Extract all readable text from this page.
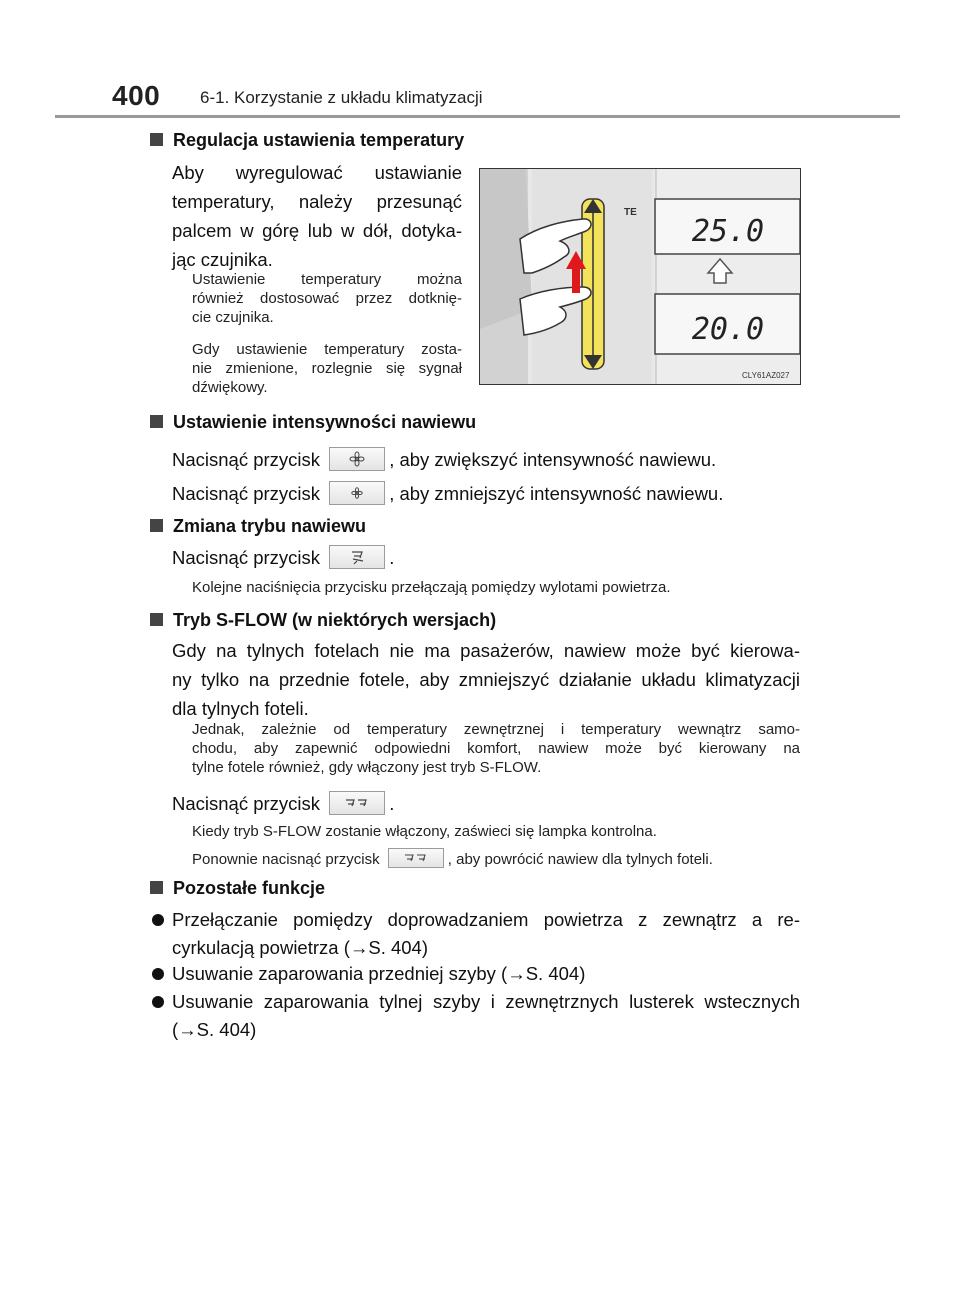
400 6-1. Korzystanie z układu klimatyzacji
Regulacja ustawienia temperatury
Aby wyregulować ustawianie
temperatury, należy przesunąć
palcem w górę lub w dół, dotyka-
jąc czujnika.
Ustawienie temperatury można
również dostosować przez dotknię-
cie czujnika.
Gdy ustawienie temperatury zosta-
nie zmienione, rozlegnie się sygnał
dźwiękowy.
TE
25.0
20.0
CLY61AZ027
Ustawienie intensywności nawiewu
Nacisnąć przycisk	, aby zwiększyć intensywność nawiewu.
Nacisnąć przycisk	, aby zmniejszyć intensywność nawiewu.
Zmiana trybu nawiewu
Nacisnąć przycisk	.
Kolejne naciśnięcia przycisku przełączają pomiędzy wylotami powietrza.
Tryb S-FLOW (w niektórych wersjach)
Gdy na tylnych fotelach nie ma pasażerów, nawiew może być kierowa-
ny tylko na przednie fotele, aby zmniejszyć działanie układu klimatyzacji
dla tylnych foteli.
Jednak, zależnie od temperatury zewnętrznej i temperatury wewnątrz samo-
chodu, aby zapewnić odpowiedni komfort, nawiew może być kierowany na
tylne fotele również, gdy włączony jest tryb S-FLOW.
Nacisnąć przycisk	.
Kiedy tryb S-FLOW zostanie włączony, zaświeci się lampka kontrolna.
Ponownie nacisnąć przycisk	, aby powrócić nawiew dla tylnych foteli.
Pozostałe funkcje
Przełączanie pomiędzy doprowadzaniem powietrza z zewnątrz a re-
cyrkulacją powietrza (→S. 404)
Usuwanie zaparowania przedniej szyby (→S. 404)
Usuwanie zaparowania tylnej szyby i zewnętrznych lusterek wstecznych
(→S. 404)
